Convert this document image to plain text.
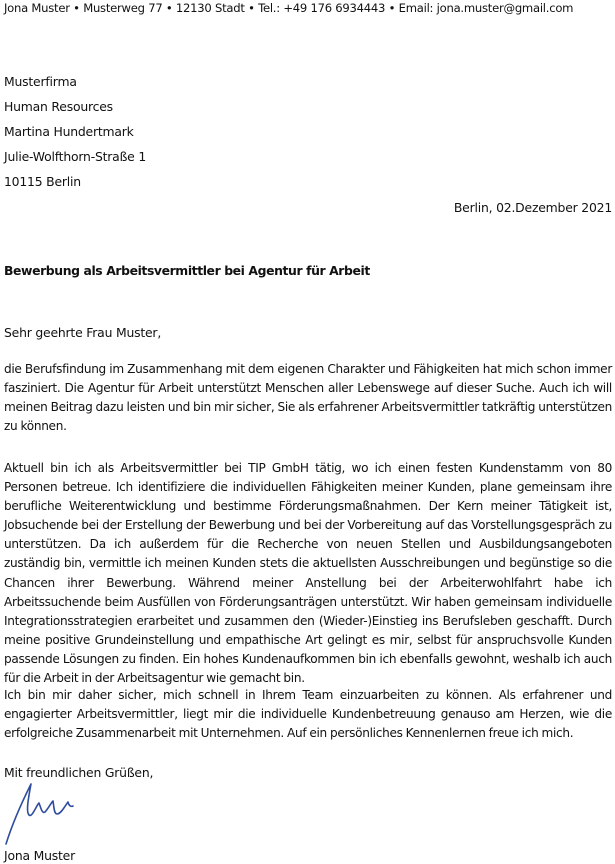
Jona Muster • Musterweg 77 • 12130 Stadt • Tel.: +49 176 6934443 • Email: jona.muster@gmail.com
Musterfirma
Human Resources
Martina Hundertmark
Julie-Wolfthorn-Straße 1
10115 Berlin
Berlin, 02.Dezember 2021
Bewerbung als Arbeitsvermittler bei Agentur für Arbeit
Sehr geehrte Frau Muster,

die Berufsfindung im Zusammenhang mit dem eigenen Charakter und Fähigkeiten hat mich schon immer fasziniert. Die Agentur für Arbeit unterstützt Menschen aller Lebenswege auf dieser Suche. Auch ich will meinen Beitrag dazu leisten und bin mir sicher, Sie als erfahrener Arbeitsvermittler tatkräftig unterstützen zu können.

Aktuell bin ich als Arbeitsvermittler bei TIP GmbH tätig, wo ich einen festen Kundenstamm von 80 Personen betreue. Ich identifiziere die individuellen Fähigkeiten meiner Kunden, plane gemeinsam ihre berufliche Weiterentwicklung und bestimme Förderungsmaßnahmen. Der Kern meiner Tätigkeit ist, Jobsuchende bei der Erstellung der Bewerbung und bei der Vorbereitung auf das Vorstellungsgespräch zu unterstützen. Da ich außerdem für die Recherche von neuen Stellen und Ausbildungsangeboten zuständig bin, vermittle ich meinen Kunden stets die aktuellsten Ausschreibungen und begünstige so die Chancen ihrer Bewerbung. Während meiner Anstellung bei der Arbeiterwohlfahrt habe ich Arbeitssuchende beim Ausfüllen von Förderungsanträgen unterstützt. Wir haben gemeinsam individuelle Integrationsstrategien erarbeitet und zusammen den (Wieder-)Einstieg ins Berufsleben geschafft. Durch meine positive Grundeinstellung und empathische Art gelingt es mir, selbst für anspruchsvolle Kunden passende Lösungen zu finden. Ein hohes Kundenaufkommen bin ich ebenfalls gewohnt, weshalb ich auch für die Arbeit in der Arbeitsagentur wie gemacht bin.

Ich bin mir daher sicher, mich schnell in Ihrem Team einzuarbeiten zu können. Als erfahrener und engagierter Arbeitsvermittler, liegt mir die individuelle Kundenbetreuung genauso am Herzen, wie die erfolgreiche Zusammenarbeit mit Unternehmen. Auf ein persönliches Kennenlernen freue ich mich.

Mit freundlichen Grüßen,
Jona Muster
